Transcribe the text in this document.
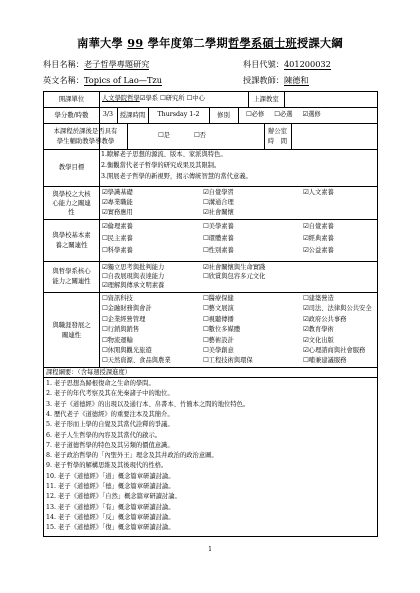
南華大學 99 學年度第二學期哲學系碩士班授課大綱
科目名稱：老子哲學專題研究	科目代號：401200032
英文名稱：Topics of Lao—Tzu	授課教師：陳德和
開課單位	人文學院哲學 ☑ 學系 ☐ 研究所 ☐ 中心	上課教室
學分數/時數	3/3	授課時間	Thursday 1-2	修別 ☐	必修 ☐ 必選 ☑ 選修
本課程於課後是否具有
學生輔助教學導教學
☐ 是 ☐	否
辦公室
時　間
教學目標
1.瞭解老子思想的源流、版本、家派與特色。
2.衡觀當代老子哲學的研究成果及其限制。
3.開展老子哲學的新視野，揭示傳統智慧的當代意義。
與學校之大核
心能力之關連
性
☑ 學識基礎 ☑	自覺學習 ☑	人文素養
☑ 專業職能 ☐	溝通合理
☑ 實務應用 ☑	社會關懷
與學校基本素
養之關連性
☑ 倫理素養 ☐	美學素養 ☑	自覺素養
☐ 民主素養 ☐	環體素養 ☑	經典素養
☐ 科學素養 ☐	性別素養 ☑	公益素養
與哲學系核心
能力之關連性
☑ 獨立思考與批判能力 ☑	社會關懷與生命實踐
☐ 自我展現與表達能力 ☐	欣賞與包容多元文化
☑ 理解與傳承文明素養
與職涯發展之
關連性
☐ 資訊科技 ☐	醫療保健 ☐	建築營造
☐ 金融財務與會計 ☐	藝文展演 ☑	司法、法律與公共安全
☐ 企業經營管理 ☐	視聽傳播 ☑	政府公共事務
☐ 行銷與銷售 ☐	數位多媒體 ☑	教育學術
☐ 物流運輸 ☐	藝術設計 ☑	文化出版
☐ 休閒與觀光旅遊 ☐	美學創意 ☑	心理諮商與社會服務
☐ 天然資源、食品與農業 ☐	工程技術與環保 ☐	哺兼建議服務
課程綱要：（含每週授課進度）
1. 老子思想為歸根復命之生命的學問。
2. 老子的年代考察及其在先秦諸子中的地位。
3. 老子《道德經》的出現以及通行本、帛書本、竹簡本之間的地位特色。
4. 歷代老子《道德經》的重要注本及其簡介。
5. 老子形而上學的自覺及其當代詮釋的爭議。
6. 老子人生哲學的內容及其當代的啟示。
7. 老子道德哲學的特色及其另類的價值意識。
8. 老子政治哲學的「內聖外王」理念及其井政治的政治意圖。
9. 老子哲學的解構思維及其後現代的性格。
10. 老子《道德經》「道」概念篇章研讀討論。
11. 老子《道德經》「德」概念篇章研讀討論。
12. 老子《道德經》「自然」概念篇章研讀討論。
13. 老子《道德經》「有」概念篇章研讀討論。
14. 老子《道德經》「反」概念篇章研讀討論。
15. 老子《道德經》「復」概念篇章研讀討論。
1
